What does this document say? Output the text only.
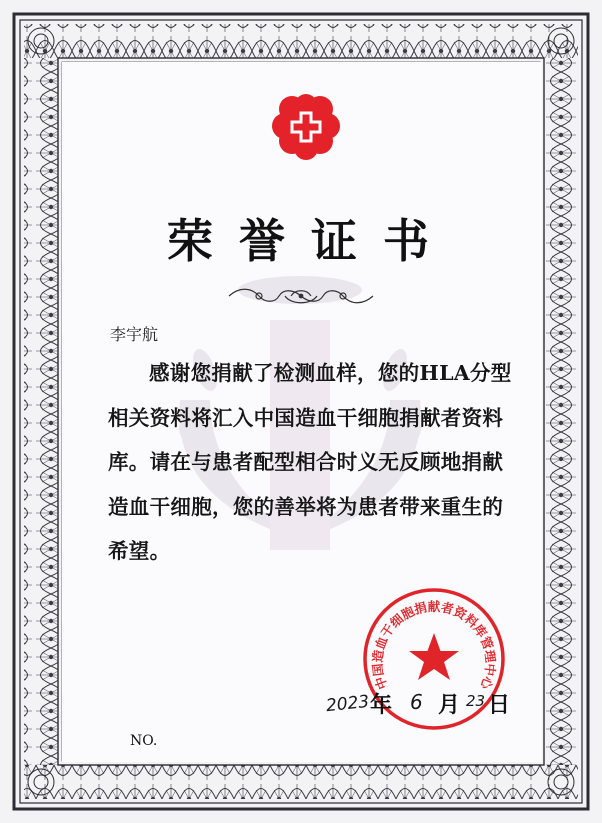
荣誉证书
李宇航
感谢您捐献了检测血样，您的HLA分型相关资料将汇入中国造血干细胞捐献者资料库。请在与患者配型相合时义无反顾地捐献造血干细胞，您的善举将为患者带来重生的希望。
中国造血干细胞捐献者资料库管理中心
2023 年 6 月 23 日
NO.
